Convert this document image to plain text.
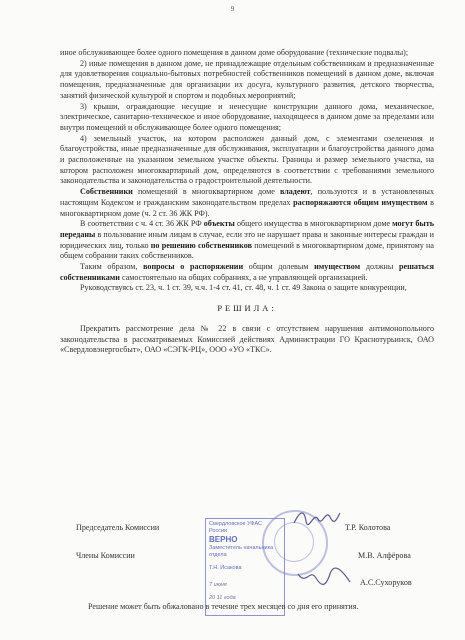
9

иное обслуживающее более одного помещения в данном доме оборудование (технические подвалы);

2) иные помещения в данном доме, не принадлежащие отдельным собственникам и предназначенные для удовлетворения социально-бытовых потребностей собственников помещений в данном доме, включая помещения, предназначенные для организации их досуга, культурного развития, детского творчества, занятий физической культурой и спортом и подобных мероприятий;

3) крыши, ограждающие несущие и ненесущие конструкции данного дома, механическое, электрическое, санитарно-техническое и иное оборудование, находящееся в данном доме за пределами или внутри помещений и обслуживающее более одного помещения;

4) земельный участок, на котором расположен данный дом, с элементами озеленения и благоустройства, иные предназначенные для обслуживания, эксплуатации и благоустройства данного дома и расположенные на указанном земельном участке объекты. Границы и размер земельного участка, на котором расположен многоквартирный дом, определяются в соответствии с требованиями земельного законодательства и законодательства о градостроительной деятельности.

Собственники помещений в многоквартирном доме владеют, пользуются и в установленных настоящим Кодексом и гражданским законодательством пределах распоряжаются общим имуществом в многоквартирном доме (ч. 2 ст. 36 ЖК РФ).

В соответствии с ч. 4 ст. 36 ЖК РФ объекты общего имущества в многоквартирном доме могут быть переданы в пользование иным лицам в случае, если это не нарушает права и законные интересы граждан и юридических лиц, только по решению собственников помещений в многоквартирном доме, принятому на общем собрании таких собственников.

Таким образом, вопросы о распоряжении общим долевым имуществом должны решаться собственниками самостоятельно на общих собраниях, а не управляющей организацией.

Руководствуясь ст. 23, ч. 1 ст. 39, ч.ч. 1-4 ст. 41, ст. 48, ч. 1 ст. 49 Закона о защите конкуренции,

РЕШИЛА:

Прекратить рассмотрение дела № 22 в связи с отсутствием нарушения антимонопольного законодательства в рассматриваемых Комиссией действиях Администрации ГО Краснотурьинск, ОАО «Свердловэнергосбыт», ОАО «СЭГК-РЦ», ООО «УО «ТКС».

Свердловское УФАС России
ВЕРНО
Заместитель начальника отдела
Т.Н. Исакова
7 июня
20 11 года
Председатель Комиссии	Т.Р. Колотова
Члены Комиссии	М.В. Алфёрова
А.С.Сухоруков
Решение может быть обжаловано в течение трех месяцев со дня его принятия.
